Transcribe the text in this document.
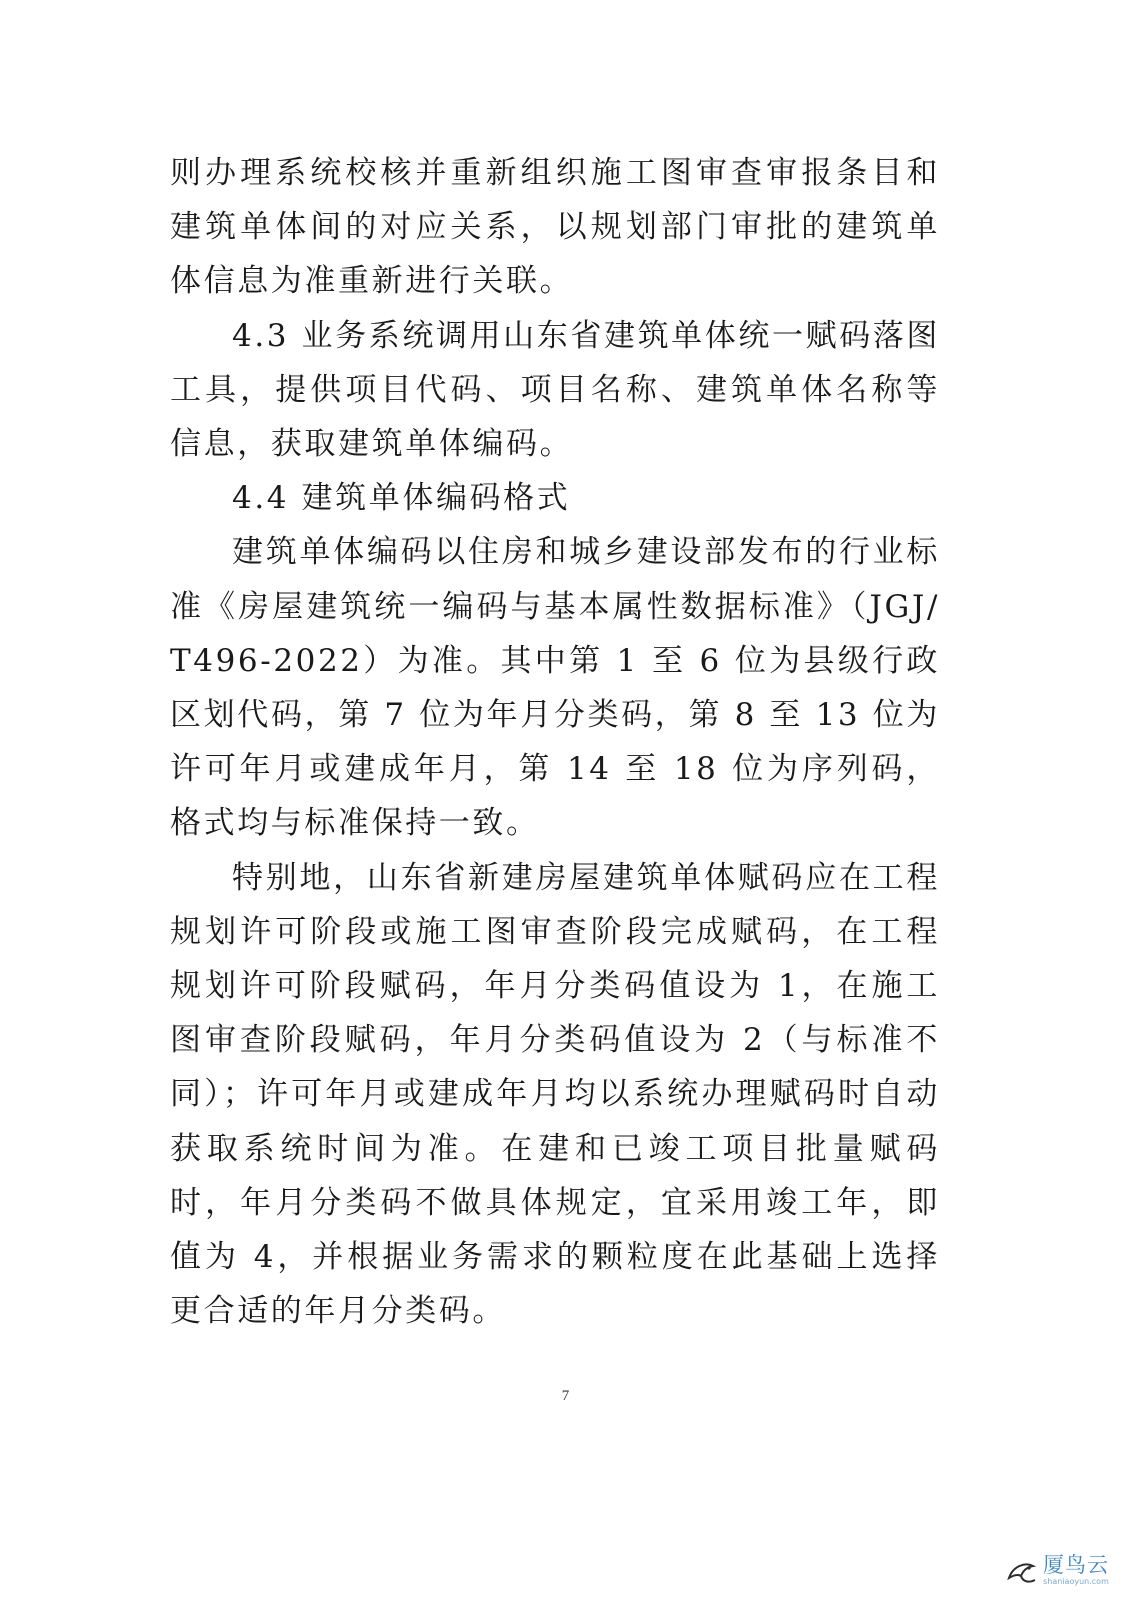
则办理系统校核并重新组织施工图审查审报条目和建筑单体间的对应关系，以规划部门审批的建筑单体信息为准重新进行关联。

4.3 业务系统调用山东省建筑单体统一赋码落图工具，提供项目代码、项目名称、建筑单体名称等信息，获取建筑单体编码。

4.4 建筑单体编码格式

建筑单体编码以住房和城乡建设部发布的行业标准《房屋建筑统一编码与基本属性数据标准》（JGJ/T496-2022）为准。其中第 1 至 6 位为县级行政区划代码，第 7 位为年月分类码，第 8 至 13 位为许可年月或建成年月，第 14 至 18 位为序列码，格式均与标准保持一致。

特别地，山东省新建房屋建筑单体赋码应在工程规划许可阶段或施工图审查阶段完成赋码，在工程规划许可阶段赋码，年月分类码值设为 1，在施工图审查阶段赋码，年月分类码值设为 2（与标准不同）；许可年月或建成年月均以系统办理赋码时自动获取系统时间为准。在建和已竣工项目批量赋码时，年月分类码不做具体规定，宜采用竣工年，即值为 4，并根据业务需求的颗粒度在此基础上选择更合适的年月分类码。

7
厦鸟云
shaniaoyun.com
